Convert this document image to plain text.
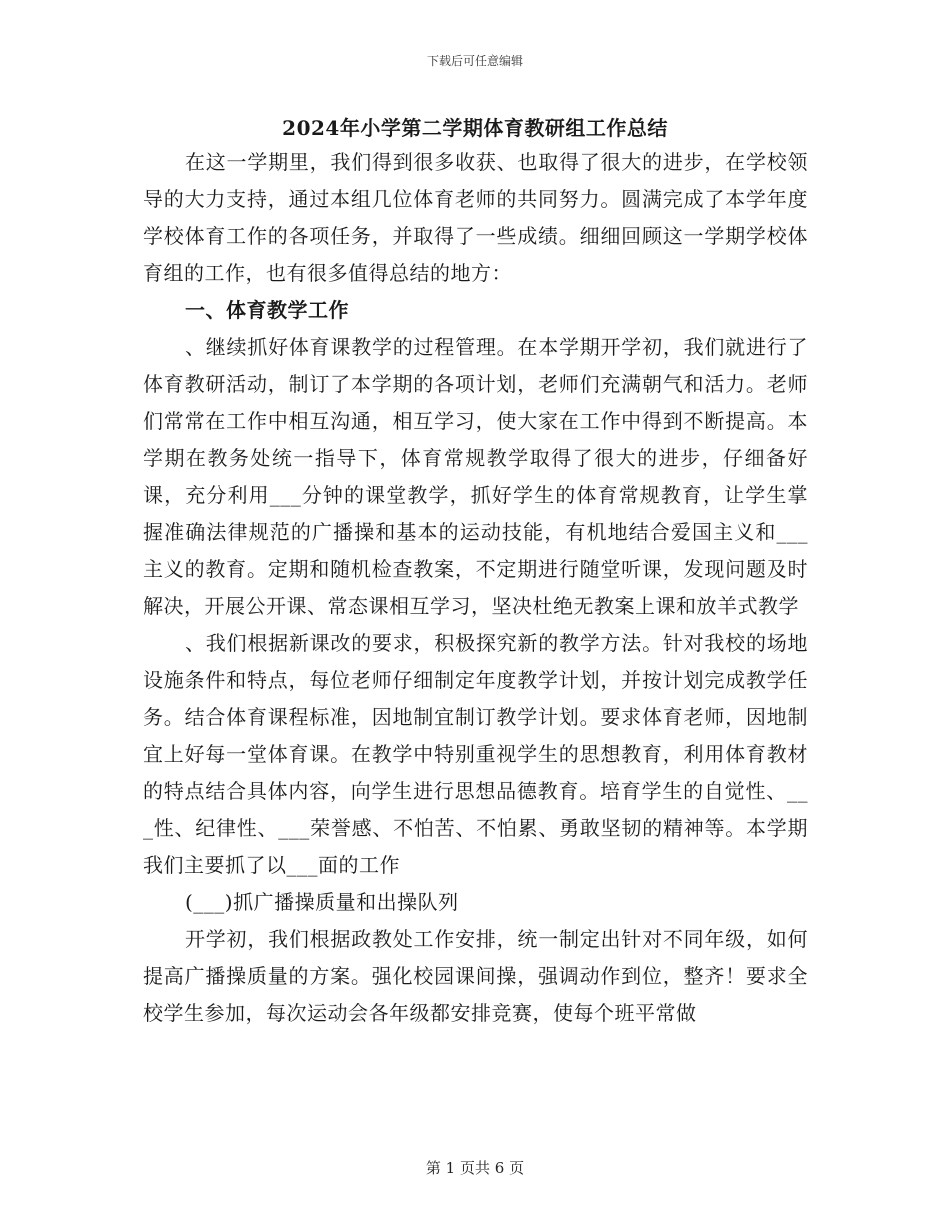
下载后可任意编辑
2024年小学第二学期体育教研组工作总结

在这一学期里，我们得到很多收获、也取得了很大的进步，在学校领导的大力支持，通过本组几位体育老师的共同努力。圆满完成了本学年度学校体育工作的各项任务，并取得了一些成绩。细细回顾这一学期学校体育组的工作，也有很多值得总结的地方：

一、体育教学工作

、继续抓好体育课教学的过程管理。在本学期开学初，我们就进行了体育教研活动，制订了本学期的各项计划，老师们充满朝气和活力。老师们常常在工作中相互沟通，相互学习，使大家在工作中得到不断提高。本学期在教务处统一指导下，体育常规教学取得了很大的进步，仔细备好课，充分利用___分钟的课堂教学，抓好学生的体育常规教育，让学生掌握准确法律规范的广播操和基本的运动技能，有机地结合爱国主义和___主义的教育。定期和随机检查教案，不定期进行随堂听课，发现问题及时解决，开展公开课、常态课相互学习，坚决杜绝无教案上课和放羊式教学

、我们根据新课改的要求，积极探究新的教学方法。针对我校的场地设施条件和特点，每位老师仔细制定年度教学计划，并按计划完成教学任务。结合体育课程标准，因地制宜制订教学计划。要求体育老师，因地制宜上好每一堂体育课。在教学中特别重视学生的思想教育，利用体育教材的特点结合具体内容，向学生进行思想品德教育。培育学生的自觉性、___性、纪律性、___荣誉感、不怕苦、不怕累、勇敢坚韧的精神等。本学期我们主要抓了以___面的工作

(___)抓广播操质量和出操队列

开学初，我们根据政教处工作安排，统一制定出针对不同年级，如何提高广播操质量的方案。强化校园课间操，强调动作到位，整齐！要求全校学生参加，每次运动会各年级都安排竞赛，使每个班平常做

第 1 页共 6 页
